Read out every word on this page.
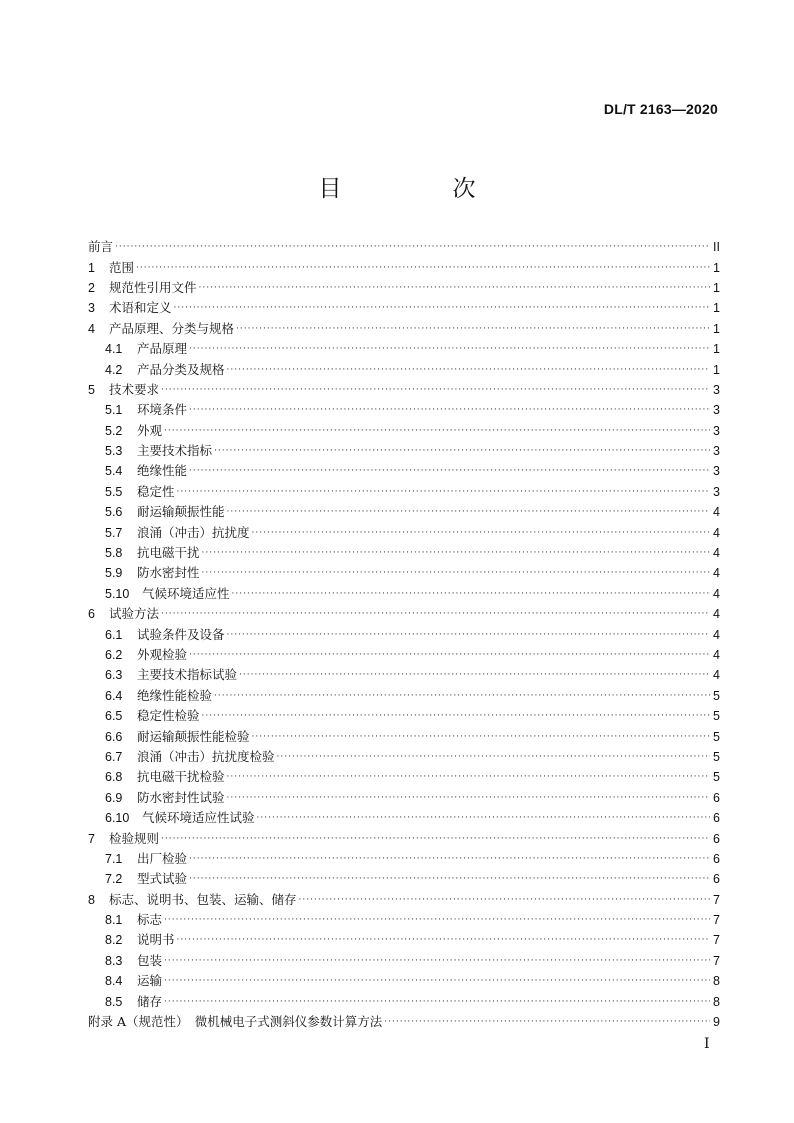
DL/T 2163—2020
目　次
前言 ·····	II
1	范围 ·····	1
2	规范性引用文件 ·····	1
3	术语和定义 ·····	1
4	产品原理、分类与规格 ·····	1
4.1	产品原理 ·····	1
4.2	产品分类及规格 ·····	1
5	技术要求 ·····	3
5.1	环境条件 ·····	3
5.2	外观 ·····	3
5.3	主要技术指标 ·····	3
5.4	绝缘性能 ·····	3
5.5	稳定性 ·····	3
5.6	耐运输颠振性能 ·····	4
5.7	浪涌（冲击）抗扰度 ·····	4
5.8	抗电磁干扰 ·····	4
5.9	防水密封性 ·····	4
5.10	气候环境适应性 ·····	4
6	试验方法 ·····	4
6.1	试验条件及设备 ·····	4
6.2	外观检验 ·····	4
6.3	主要技术指标试验 ·····	4
6.4	绝缘性能检验 ·····	5
6.5	稳定性检验 ·····	5
6.6	耐运输颠振性能检验 ·····	5
6.7	浪涌（冲击）抗扰度检验 ·····	5
6.8	抗电磁干扰检验 ·····	5
6.9	防水密封性试验 ·····	6
6.10	气候环境适应性试验 ·····	6
7	检验规则 ·····	6
7.1	出厂检验 ·····	6
7.2	型式试验 ·····	6
8	标志、说明书、包装、运输、储存 ·····	7
8.1	标志 ·····	7
8.2	说明书 ·····	7
8.3	包装 ·····	7
8.4	运输 ·····	8
8.5	储存 ·····	8
附录 A（规范性）　微机械电子式测斜仪参数计算方法 ·····	9
I
